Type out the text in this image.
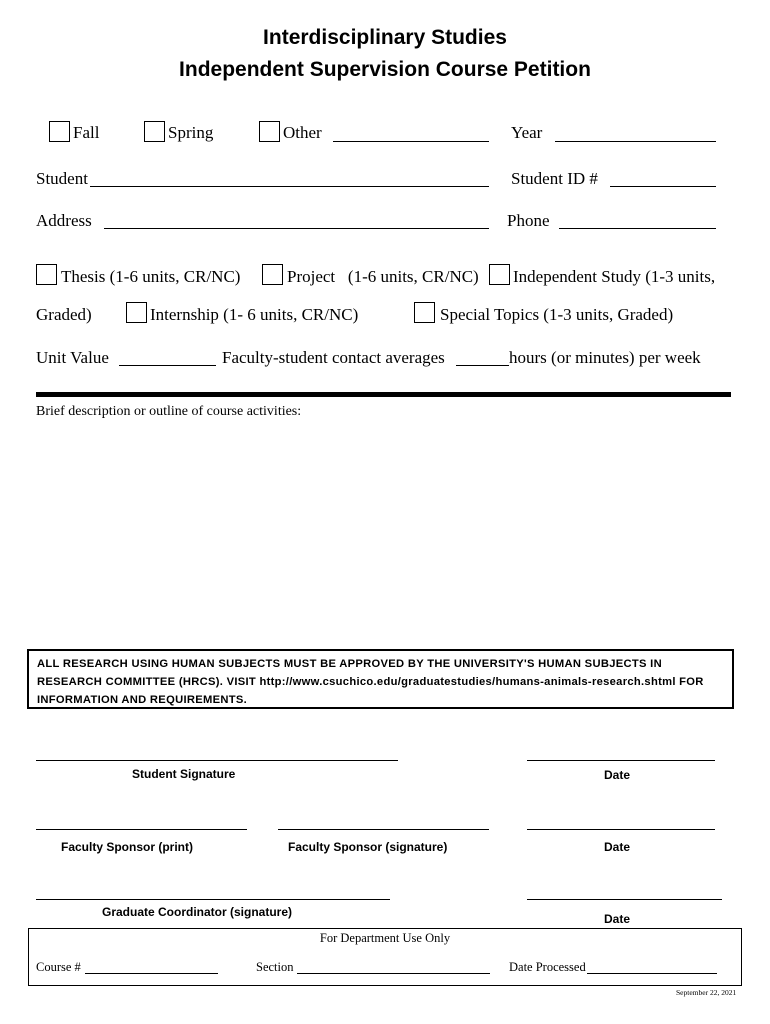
Interdisciplinary Studies
Independent Supervision Course Petition
Fall	Spring	Other	Year
Student	Student ID #
Address	Phone
Thesis (1-6 units, CR/NC)	Project   (1-6 units, CR/NC) Independent Study (1-3 units,
Graded)	Internship (1- 6 units, CR/NC)	Special Topics (1-3 units, Graded)
Unit Value	Faculty-student contact averages	hours (or minutes) per week
Brief description or outline of course activities:
ALL RESEARCH USING HUMAN SUBJECTS MUST BE APPROVED BY THE UNIVERSITY'S HUMAN SUBJECTS IN RESEARCH COMMITTEE (HRCS). VISIT http://www.csuchico.edu/graduatestudies/humans-animals-research.shtml FOR INFORMATION AND REQUIREMENTS.
Student Signature	Date
Faculty Sponsor (print)	Faculty Sponsor (signature)	Date
Graduate Coordinator (signature)	Date
For Department Use Only
Course #	Section	Date Processed
September 22, 2021
